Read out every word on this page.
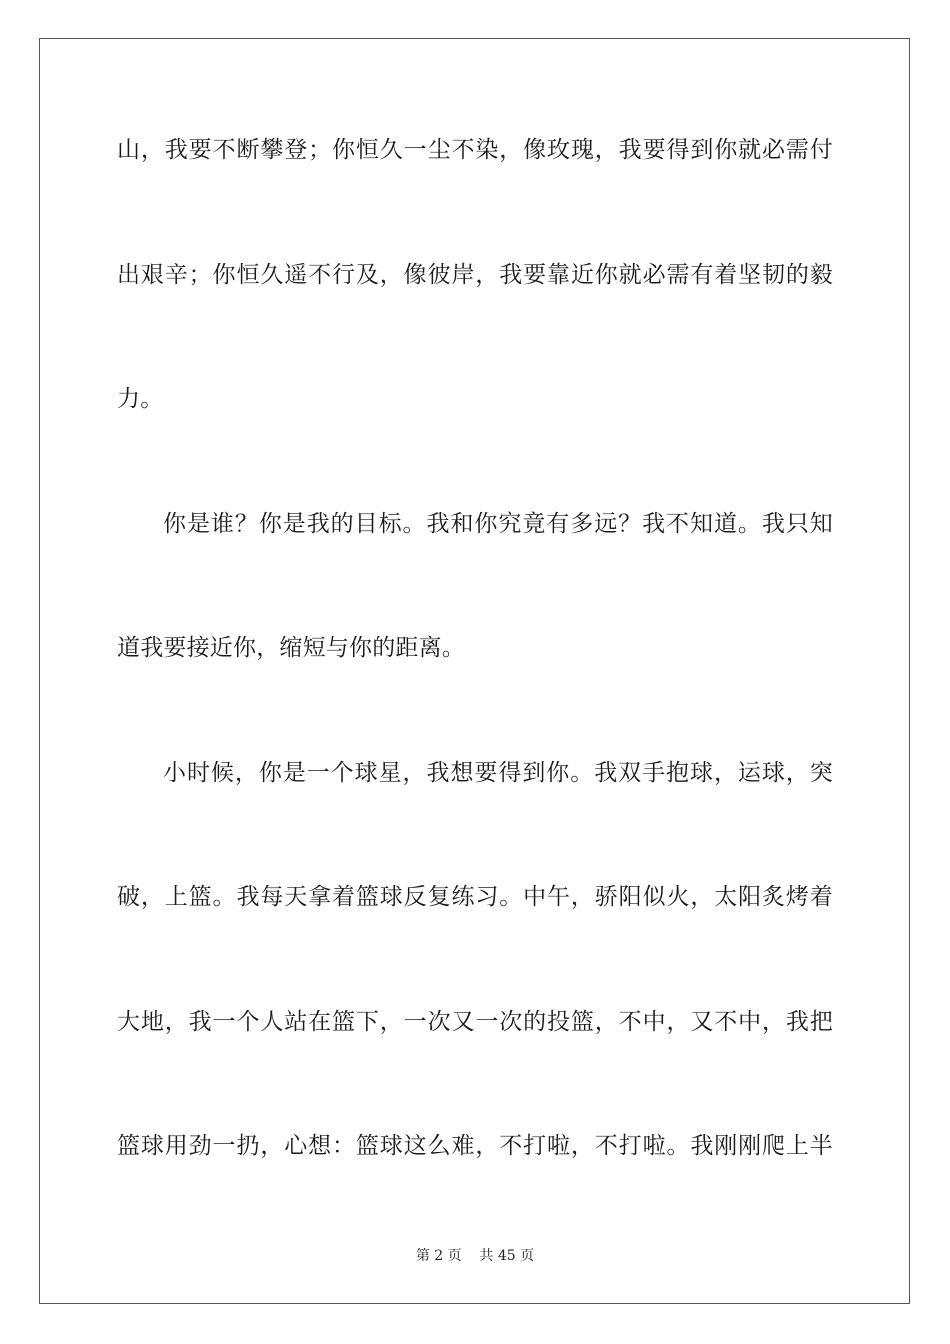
山，我要不断攀登；你恒久一尘不染，像玫瑰，我要得到你就必需付
出艰辛；你恒久遥不行及，像彼岸，我要靠近你就必需有着坚韧的毅
力。
你是谁？你是我的目标。我和你究竟有多远？我不知道。我只知
道我要接近你，缩短与你的距离。
小时候，你是一个球星，我想要得到你。我双手抱球，运球，突
破，上篮。我每天拿着篮球反复练习。中午，骄阳似火，太阳炙烤着
大地，我一个人站在篮下，一次又一次的投篮，不中，又不中，我把
篮球用劲一扔，心想：篮球这么难，不打啦，不打啦。我刚刚爬上半
第 2 页    共 45 页
